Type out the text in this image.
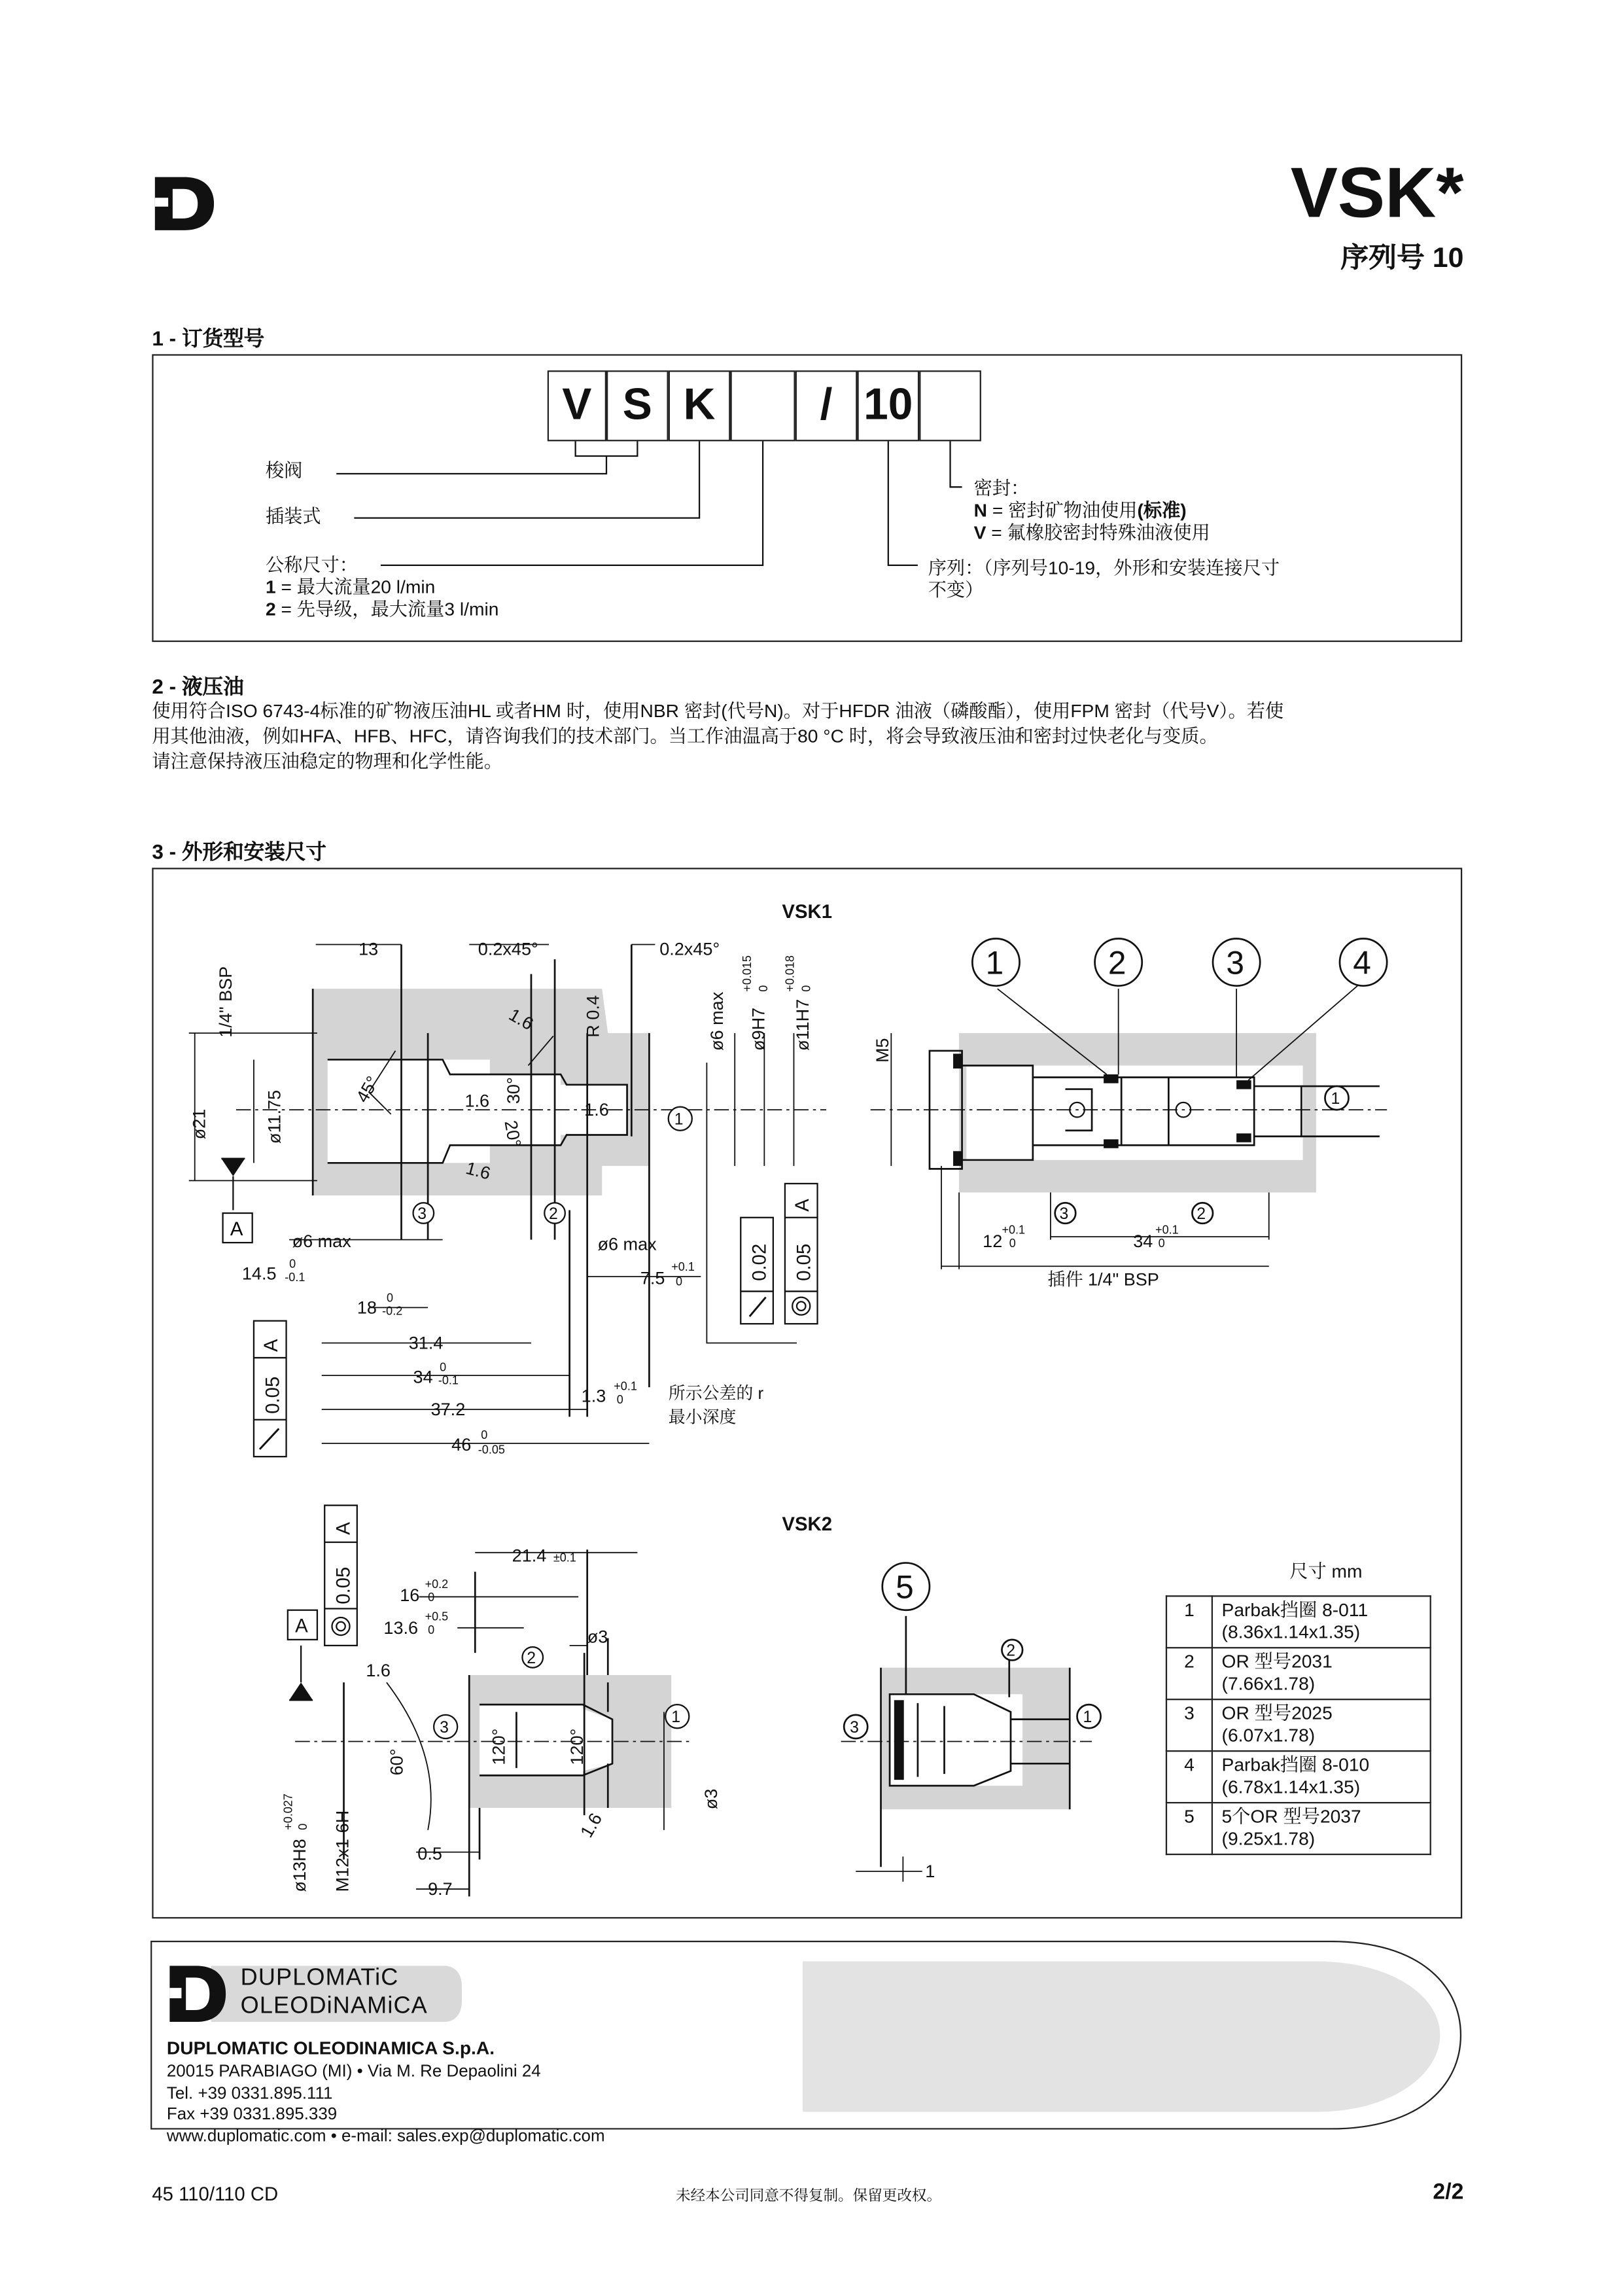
VSK*
序列号 10
1 - 订货型号
V	S	K	/	10
梭阀
插装式
公称尺寸：
1 = 最大流量20 l/min
2 = 先导级，最大流量3 l/min
密封：
N = 密封矿物油使用(标准)
V = 氟橡胶密封特殊油液使用
序列：（序列号10-19，外形和安装连接尺寸
不变）
2 - 液压油
使用符合ISO 6743-4标准的矿物液压油HL 或者HM 时，使用NBR 密封(代号N)。对于HFDR 油液（磷酸酯），使用FPM 密封（代号V）。若使
用其他油液，例如HFA、HFB、HFC，请咨询我们的技术部门。当工作油温高于80 °C 时，将会导致液压油和密封过快老化与变质。
请注意保持液压油稳定的物理和化学性能。
3 - 外形和安装尺寸
VSK1
VSK2
13	0.2x45°	0.2x45°
1/4" BSP
ø21	ø11.75
45°	30°
20°
R 0.4
1.6
1.6	1.6
1.6
ø6 max	ø9H7
+0.015 0
ø11H7
+0.018 0
ø6 max	ø6 max
14.5
0
-0.1
18
0
-0.2
7.5
+0.1
0
31.4
34
0
-0.1
37.2
1.3
+0.1
0
46
0
-0.05
所示公差的 r
最小深度
A
0.05
A
0.02	0.05
A
1
3	2
1	2	3	4
1
3	2
M5
12
+0.1
0	34
+0.1
0
插件 1/4" BSP
A
0.05
A
21.4 ±0.1
16
+0.2
0
13.6
+0.5
0	ø3
1.6
60°	120°	120°
ø3
1.6
0.5
9.7
ø13H8
+0.027 0	M12x1-6H
3
2
1
5
3
2
1
1
尺寸 mm
1	Parbak挡圈 8-011
(8.36x1.14x1.35)

2	OR 型号2031
(7.66x1.78)

3	OR 型号2025
(6.07x1.78)

4	Parbak挡圈 8-010
(6.78x1.14x1.35)

5	5个OR 型号2037
(9.25x1.78)
DUPLOMATiC
OLEODiNAMiCA
DUPLOMATIC OLEODINAMICA S.p.A.
20015 PARABIAGO (MI) • Via M. Re Depaolini 24
Tel. +39 0331.895.111
Fax +39 0331.895.339
www.duplomatic.com • e-mail: sales.exp@duplomatic.com
45 110/110 CD	未经本公司同意不得复制。保留更改权。	2/2
